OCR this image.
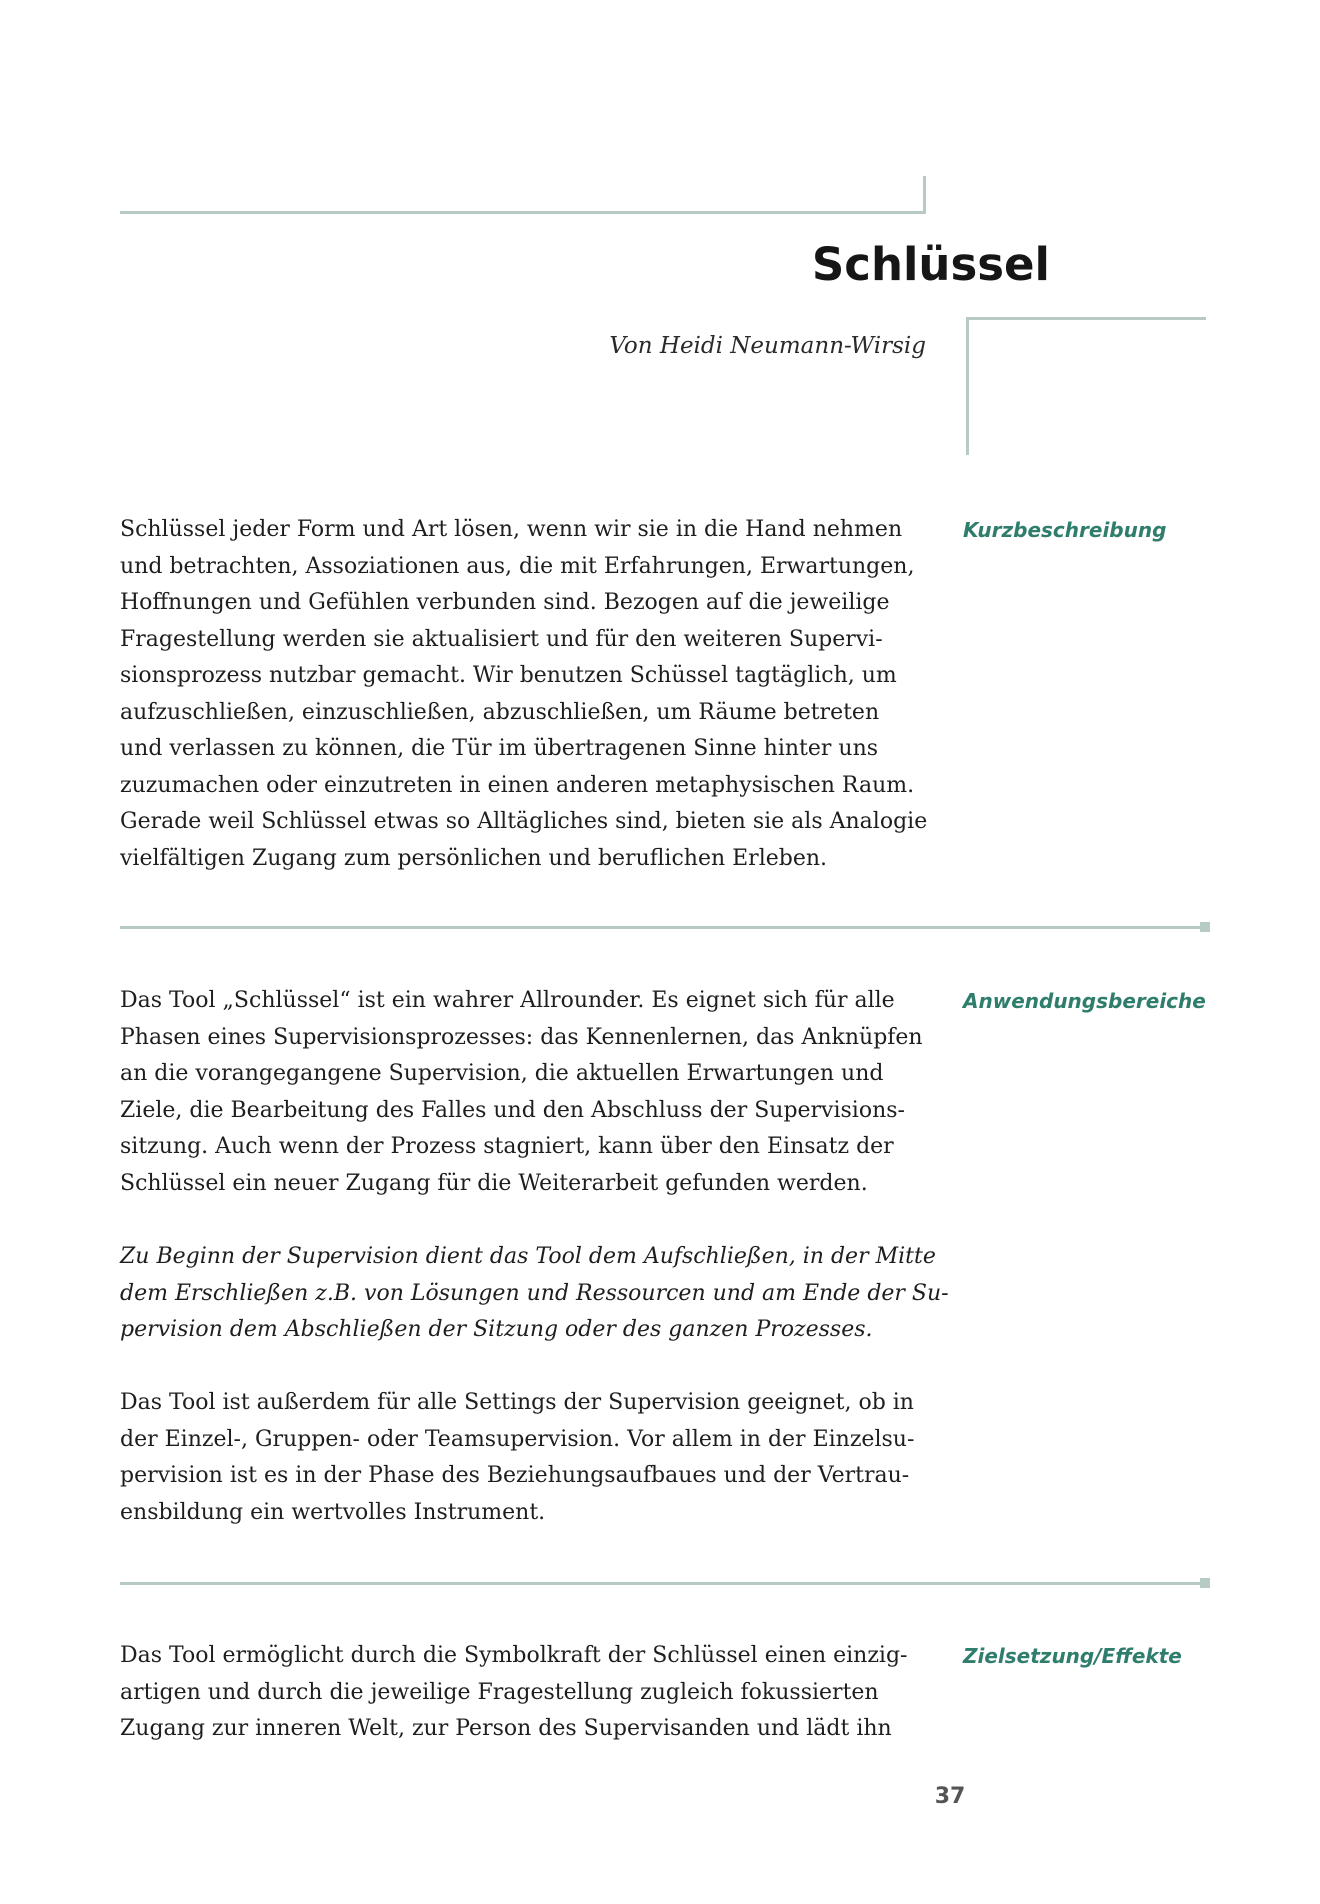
Schlüssel
Von Heidi Neumann-Wirsig
Kurzbeschreibung
Schlüssel jeder Form und Art lösen, wenn wir sie in die Hand nehmen
und betrachten, Assoziationen aus, die mit Erfahrungen, Erwartungen,
Hoffnungen und Gefühlen verbunden sind. Bezogen auf die jeweilige
Fragestellung werden sie aktualisiert und für den weiteren Supervi-
sionsprozess nutzbar gemacht. Wir benutzen Schüssel tagtäglich, um
aufzuschließen, einzuschließen, abzuschließen, um Räume betreten
und verlassen zu können, die Tür im übertragenen Sinne hinter uns
zuzumachen oder einzutreten in einen anderen metaphysischen Raum.
Gerade weil Schlüssel etwas so Alltägliches sind, bieten sie als Analogie
vielfältigen Zugang zum persönlichen und beruflichen Erleben.
Anwendungsbereiche
Das Tool „Schlüssel“ ist ein wahrer Allrounder. Es eignet sich für alle
Phasen eines Supervisionsprozesses: das Kennenlernen, das Anknüpfen
an die vorangegangene Supervision, die aktuellen Erwartungen und
Ziele, die Bearbeitung des Falles und den Abschluss der Supervisions-
sitzung. Auch wenn der Prozess stagniert, kann über den Einsatz der
Schlüssel ein neuer Zugang für die Weiterarbeit gefunden werden.
Zu Beginn der Supervision dient das Tool dem Aufschließen, in der Mitte
dem Erschließen z.B. von Lösungen und Ressourcen und am Ende der Su-
pervision dem Abschließen der Sitzung oder des ganzen Prozesses.
Das Tool ist außerdem für alle Settings der Supervision geeignet, ob in
der Einzel-, Gruppen- oder Teamsupervision. Vor allem in der Einzelsu-
pervision ist es in der Phase des Beziehungsaufbaues und der Vertrau-
ensbildung ein wertvolles Instrument.
Zielsetzung/Effekte
Das Tool ermöglicht durch die Symbolkraft der Schlüssel einen einzig-
artigen und durch die jeweilige Fragestellung zugleich fokussierten
Zugang zur inneren Welt, zur Person des Supervisanden und lädt ihn
37
